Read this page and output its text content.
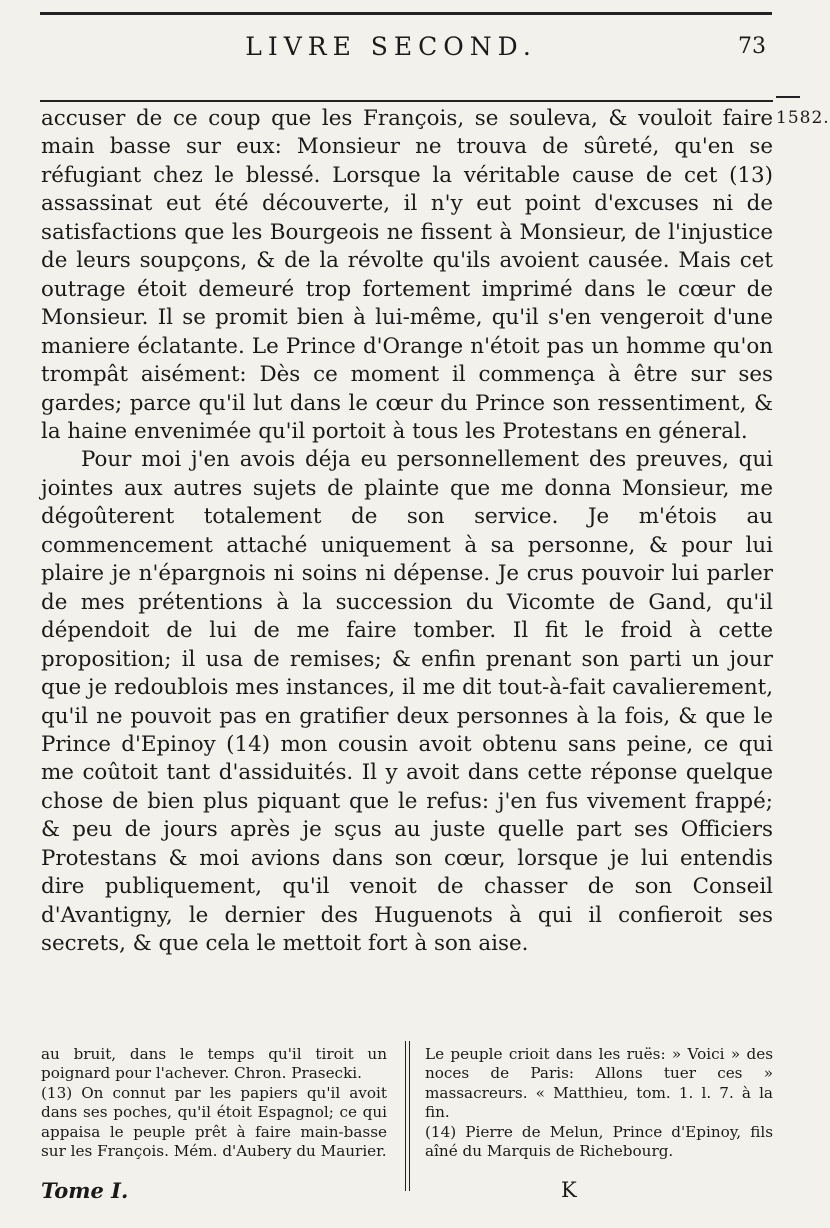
LIVRE SECOND.	73
1582.

accuser de ce coup que les François, se souleva, & vouloit faire main basse sur eux: Monsieur ne trouva de sûreté, qu'en se réfugiant chez le blessé. Lorsque la véritable cause de cet (13) assassinat eut été découverte, il n'y eut point d'excuses ni de satisfactions que les Bourgeois ne fissent à Monsieur, de l'injustice de leurs soupçons, & de la révolte qu'ils avoient causée. Mais cet outrage étoit demeuré trop fortement imprimé dans le cœur de Monsieur. Il se promit bien à lui-même, qu'il s'en vengeroit d'une maniere éclatante. Le Prince d'Orange n'étoit pas un homme qu'on trompât aisément: Dès ce moment il commença à être sur ses gardes; parce qu'il lut dans le cœur du Prince son ressentiment, & la haine envenimée qu'il portoit à tous les Protestans en géneral.

Pour moi j'en avois déja eu personnellement des preuves, qui jointes aux autres sujets de plainte que me donna Monsieur, me dégoûterent totalement de son service. Je m'étois au commencement attaché uniquement à sa personne, & pour lui plaire je n'épargnois ni soins ni dépense. Je crus pouvoir lui parler de mes prétentions à la succession du Vicomte de Gand, qu'il dépendoit de lui de me faire tomber. Il fit le froid à cette proposition; il usa de remises; & enfin prenant son parti un jour que je redoublois mes instances, il me dit tout-à-fait cavalierement, qu'il ne pouvoit pas en gratifier deux personnes à la fois, & que le Prince d'Epinoy (14) mon cousin avoit obtenu sans peine, ce qui me coûtoit tant d'assiduités. Il y avoit dans cette réponse quelque chose de bien plus piquant que le refus: j'en fus vivement frappé; & peu de jours après je sçus au juste quelle part ses Officiers Protestans & moi avions dans son cœur, lorsque je lui entendis dire publiquement, qu'il venoit de chasser de son Conseil d'Avantigny, le dernier des Huguenots à qui il confieroit ses secrets, & que cela le mettoit fort à son aise.

au bruit, dans le temps qu'il tiroit un poignard pour l'achever. Chron. Prasecki.

(13) On connut par les papiers qu'il avoit dans ses poches, qu'il étoit Espagnol; ce qui appaisa le peuple prêt à faire main-basse sur les François. Mém. d'Aubery du Maurier.

Le peuple crioit dans les ruës: » Voici » des noces de Paris: Allons tuer ces » massacreurs. « Matthieu, tom. 1. l. 7. à la fin.

(14) Pierre de Melun, Prince d'Epinoy, fils aîné du Marquis de Richebourg.

Tome I.	K
